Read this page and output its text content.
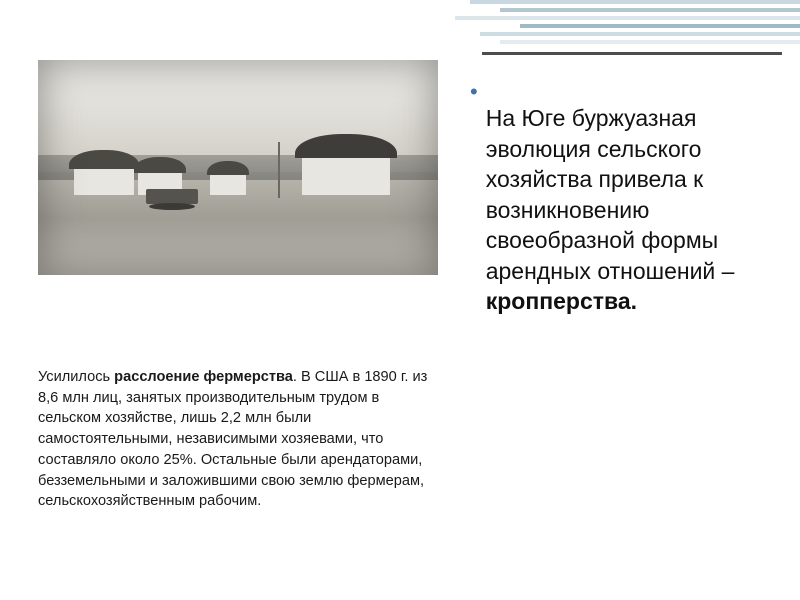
Усилилось расслоение фермерства. В США в 1890 г. из 8,6 млн лиц, занятых производительным трудом в сельском хозяйстве, лишь 2,2 млн были самостоятельными, независимыми хозяевами, что составляло около 25%. Остальные были арендаторами, безземельными и заложившими свою землю фермерам, сельскохозяйственным рабочим.

•

На Юге буржуазная эволюция сельского хозяйства привела к возникновению своеобразной формы арендных отношений – кропперства.
